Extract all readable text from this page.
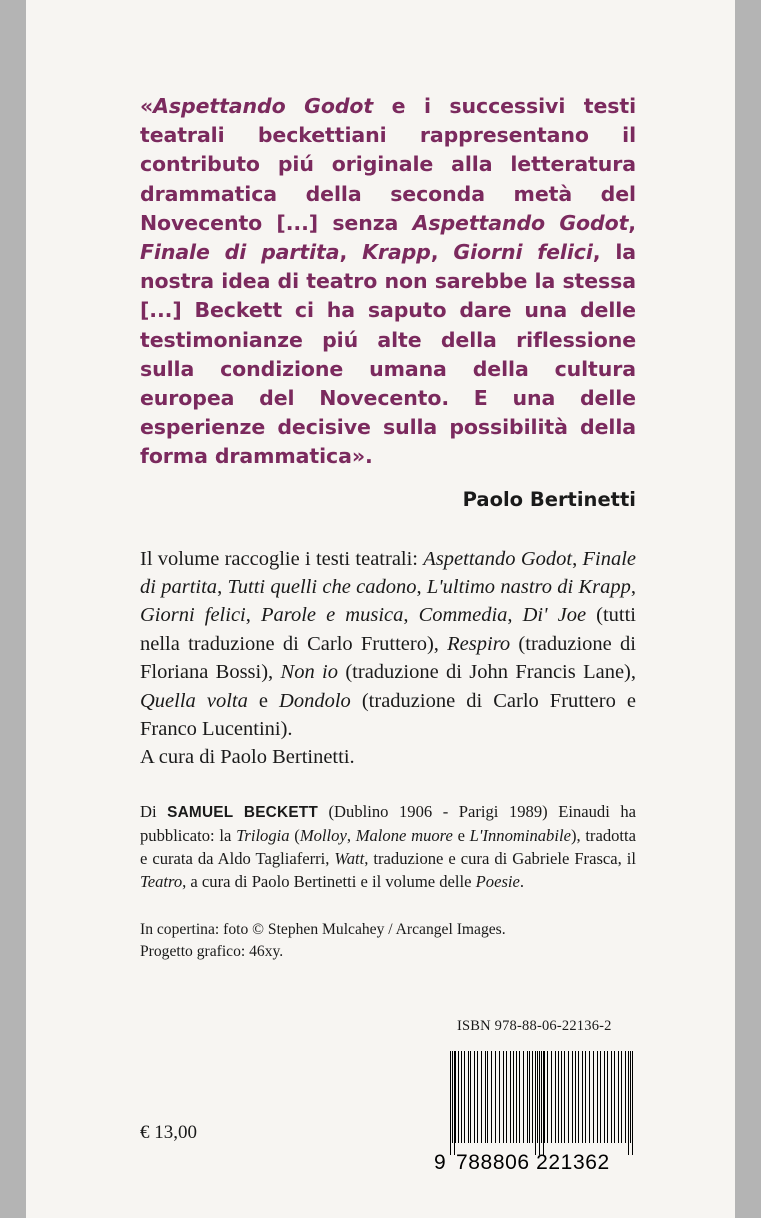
«Aspettando Godot e i successivi testi teatrali beckettiani rappresentano il contributo piú originale alla letteratura drammatica della seconda metà del Novecento [...] senza Aspettando Godot, Finale di partita, Krapp, Giorni felici, la nostra idea di teatro non sarebbe la stessa [...] Beckett ci ha saputo dare una delle testimonianze piú alte della riflessione sulla condizione umana della cultura europea del Novecento. E una delle esperienze decisive sulla possibilità della forma drammatica».

Paolo Bertinetti

Il volume raccoglie i testi teatrali: Aspettando Godot, Finale di partita, Tutti quelli che cadono, L'ultimo nastro di Krapp, Giorni felici, Parole e musica, Commedia, Di' Joe (tutti nella traduzione di Carlo Fruttero), Respiro (traduzione di Floriana Bossi), Non io (traduzione di John Francis Lane), Quella volta e Dondolo (traduzione di Carlo Fruttero e Franco Lucentini).
A cura di Paolo Bertinetti.

Di SAMUEL BECKETT (Dublino 1906 - Parigi 1989) Einaudi ha pubblicato: la Trilogia (Molloy, Malone muore e L'Innominabile), tradotta e curata da Aldo Tagliaferri, Watt, traduzione e cura di Gabriele Frasca, il Teatro, a cura di Paolo Bertinetti e il volume delle Poesie.

In copertina: foto © Stephen Mulcahey / Arcangel Images.
Progetto grafico: 46xy.
€ 13,00
ISBN 978-88-06-22136-2
9 788806 221362
